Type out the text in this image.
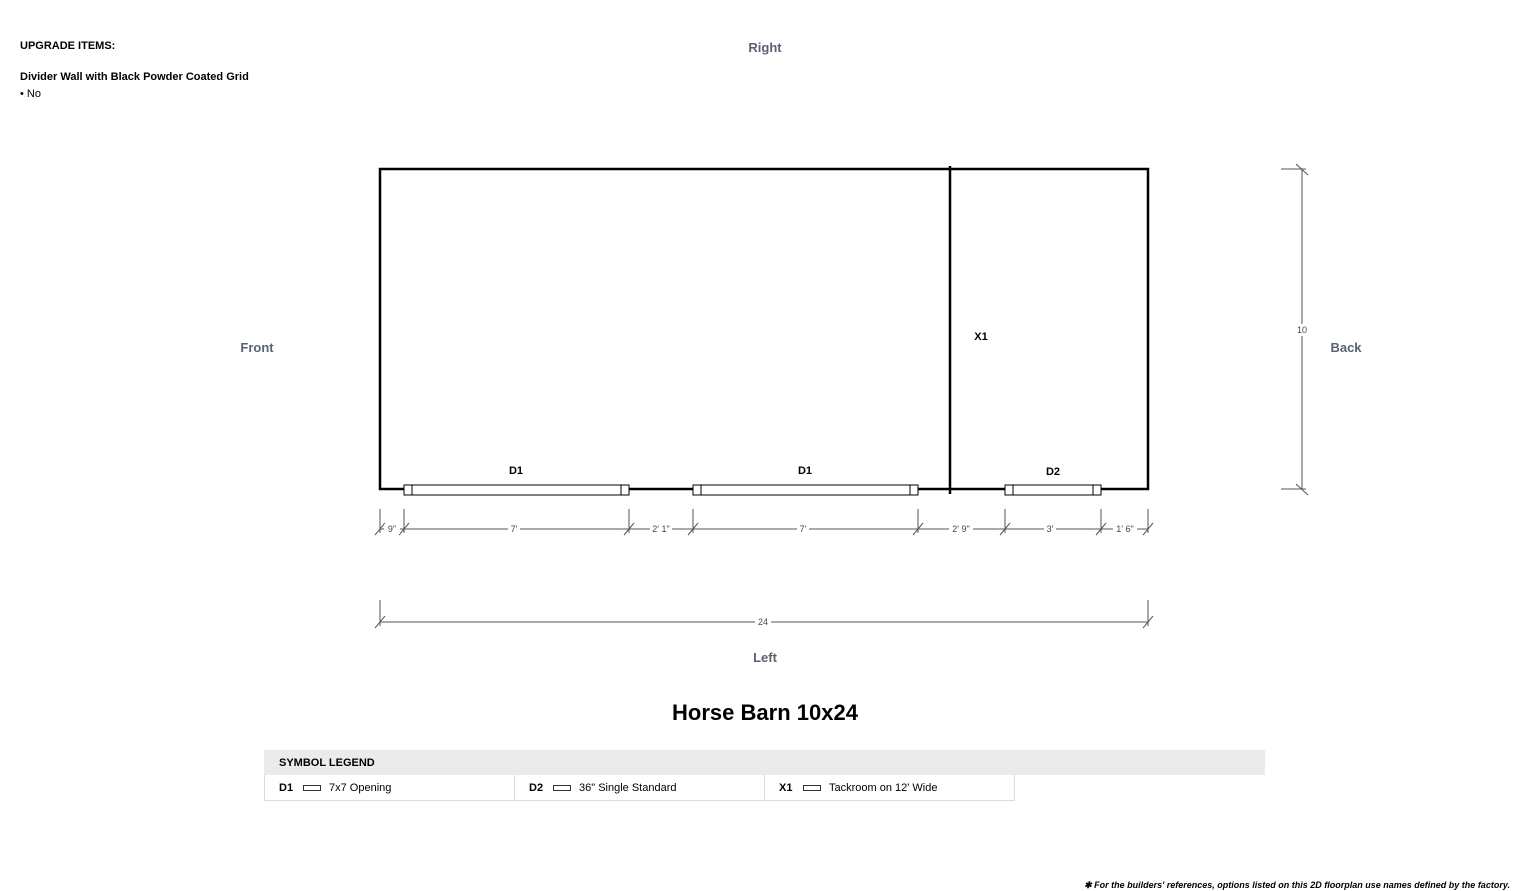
UPGRADE ITEMS:
Divider Wall with Black Powder Coated Grid
• No
Right
Front	Back
Left
X1
D1	D1	D2
9"	7'	2' 1"	7'	2' 9"	3'	1' 6"
24
10
Horse Barn 10x24
SYMBOL LEGEND
D1	7x7 Opening	D2	36" Single Standard	X1	Tackroom on 12' Wide
✱ For the builders' references, options listed on this 2D floorplan use names defined by the factory.
